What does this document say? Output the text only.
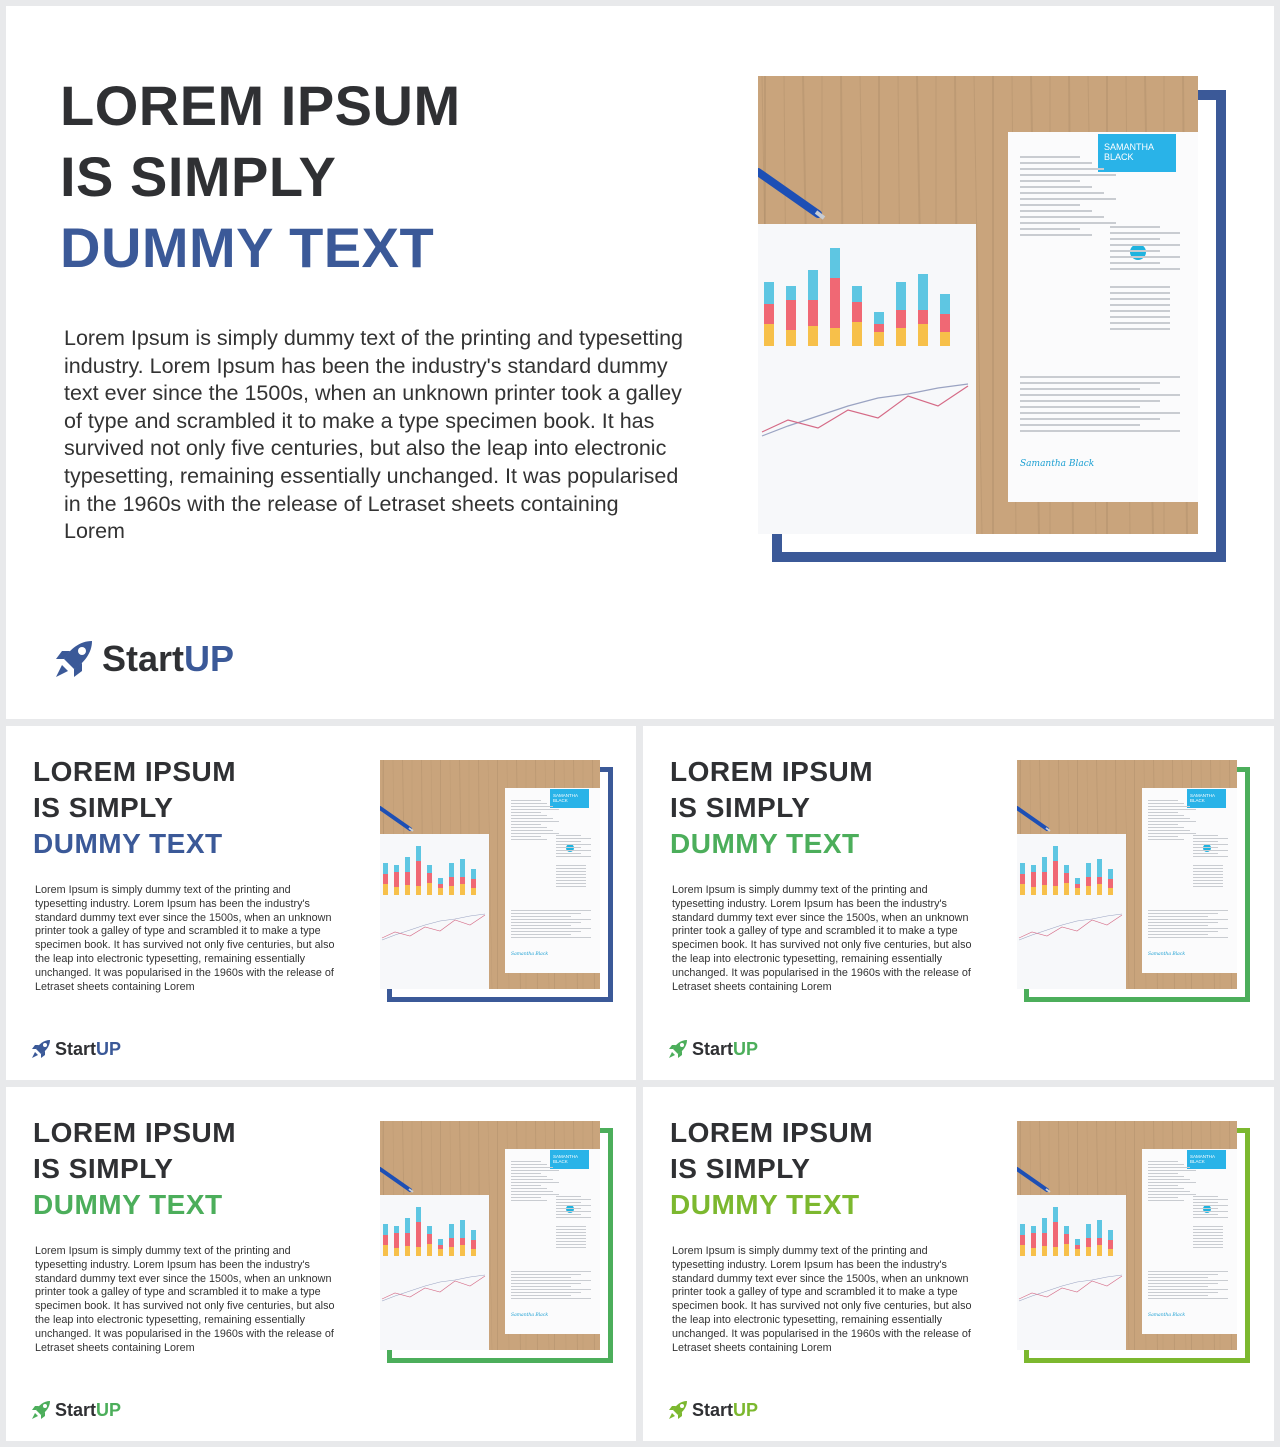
LOREM IPSUM
IS SIMPLY
DUMMY TEXT

Lorem Ipsum is simply dummy text of the printing and typesetting industry. Lorem Ipsum has been the industry's standard dummy text ever since the 1500s, when an unknown printer took a galley of type and scrambled it to make a type specimen book. It has survived not only five centuries, but also the leap into electronic typesetting, remaining essentially unchanged. It was popularised in the 1960s with the release of Letraset sheets containing Lorem

SAMANTHA
BLACK
Samantha Black
Start UP
LOREM IPSUM
IS SIMPLY
DUMMY TEXT

Lorem Ipsum is simply dummy text of the printing and typesetting industry. Lorem Ipsum has been the industry's standard dummy text ever since the 1500s, when an unknown printer took a galley of type and scrambled it to make a type specimen book. It has survived not only five centuries, but also the leap into electronic typesetting, remaining essentially unchanged. It was popularised in the 1960s with the release of Letraset sheets containing Lorem

SAMANTHA
BLACK
Samantha Black
Start UP
LOREM IPSUM
IS SIMPLY
DUMMY TEXT

Lorem Ipsum is simply dummy text of the printing and typesetting industry. Lorem Ipsum has been the industry's standard dummy text ever since the 1500s, when an unknown printer took a galley of type and scrambled it to make a type specimen book. It has survived not only five centuries, but also the leap into electronic typesetting, remaining essentially unchanged. It was popularised in the 1960s with the release of Letraset sheets containing Lorem

SAMANTHA
BLACK
Samantha Black
Start UP
LOREM IPSUM
IS SIMPLY
DUMMY TEXT

Lorem Ipsum is simply dummy text of the printing and typesetting industry. Lorem Ipsum has been the industry's standard dummy text ever since the 1500s, when an unknown printer took a galley of type and scrambled it to make a type specimen book. It has survived not only five centuries, but also the leap into electronic typesetting, remaining essentially unchanged. It was popularised in the 1960s with the release of Letraset sheets containing Lorem

SAMANTHA
BLACK
Samantha Black
Start UP
LOREM IPSUM
IS SIMPLY
DUMMY TEXT

Lorem Ipsum is simply dummy text of the printing and typesetting industry. Lorem Ipsum has been the industry's standard dummy text ever since the 1500s, when an unknown printer took a galley of type and scrambled it to make a type specimen book. It has survived not only five centuries, but also the leap into electronic typesetting, remaining essentially unchanged. It was popularised in the 1960s with the release of Letraset sheets containing Lorem

SAMANTHA
BLACK
Samantha Black
Start UP
